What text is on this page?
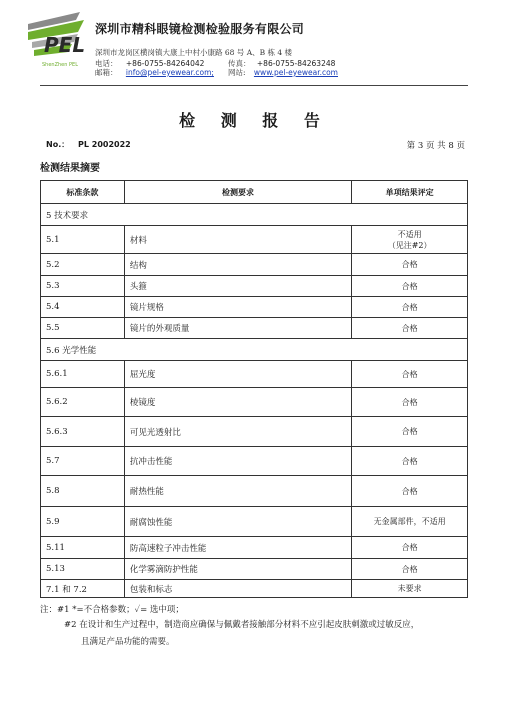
PEL
ShenZhen PEL
深圳市精科眼镜检测检验服务有限公司
深圳市龙岗区横岗镇大康上中村小康路 68 号 A、B 栋 4 楼
电话： +86-0755-84264042	传真： +86-0755-84263248
邮箱： info@pel-eyewear.com; 网站: www.pel-eyewear.com
检 测 报 告
No.： PL 2002022	第 3 页 共 8 页
检测结果摘要
标准条款	检测要求	单项结果评定
5 技术要求		
5.1	材料	不适用
（见注#2）

5.2	结构	合格
5.3	头箍	合格
5.4	镜片规格	合格
5.5	镜片的外观质量	合格
5.6 光学性能		
5.6.1	屈光度	合格
5.6.2	棱镜度	合格
5.6.3	可见光透射比	合格
5.7	抗冲击性能	合格
5.8	耐热性能	合格
5.9	耐腐蚀性能	无金属部件，不适用
5.11	防高速粒子冲击性能	合格
5.13	化学雾滴防护性能	合格
7.1 和 7.2	包装和标志	未要求
注：#1 *=不合格参数；✓= 选中项；
#2 在设计和生产过程中，制造商应确保与佩戴者接触部分材料不应引起皮肤刺激或过敏反应，
且满足产品功能的需要。
